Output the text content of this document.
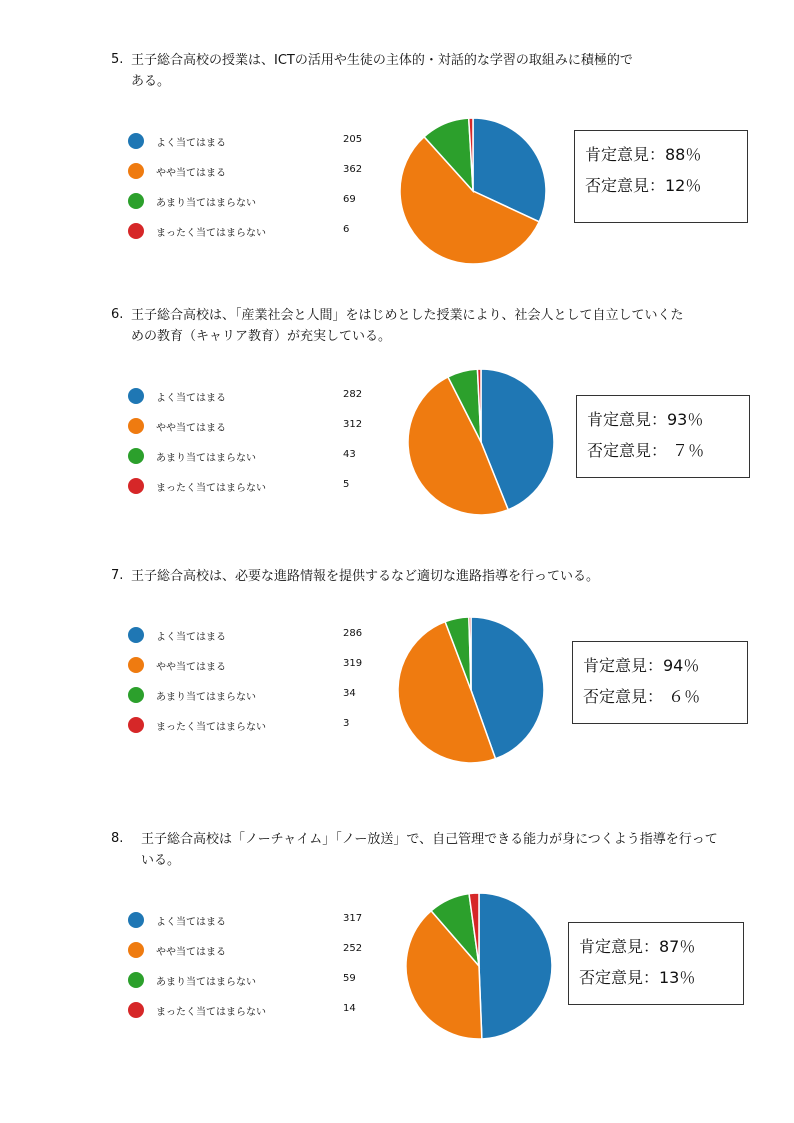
5. 王子総合高校の授業は、ICTの活用や生徒の主体的・対話的な学習の取組みに積極的で
ある。
よく当てはまる	205
やや当てはまる	362
あまり当てはまらない	69
まったく当てはまらない	6
肯定意見：88％
否定意見：12％
6. 王子総合高校は、「産業社会と人間」をはじめとした授業により、社会人として自立していくた
めの教育（キャリア教育）が充実している。
よく当てはまる	282
やや当てはまる	312
あまり当てはまらない	43
まったく当てはまらない	5
肯定意見：93％
否定意見： ７％
7. 王子総合高校は、必要な進路情報を提供するなど適切な進路指導を行っている。
よく当てはまる	286
やや当てはまる	319
あまり当てはまらない	34
まったく当てはまらない	3
肯定意見：94％
否定意見： ６％
8. 王子総合高校は「ノーチャイム」「ノー放送」で、自己管理できる能力が身につくよう指導を行って
いる。
よく当てはまる	317
やや当てはまる	252
あまり当てはまらない	59
まったく当てはまらない	14
肯定意見：87％
否定意見：13％
